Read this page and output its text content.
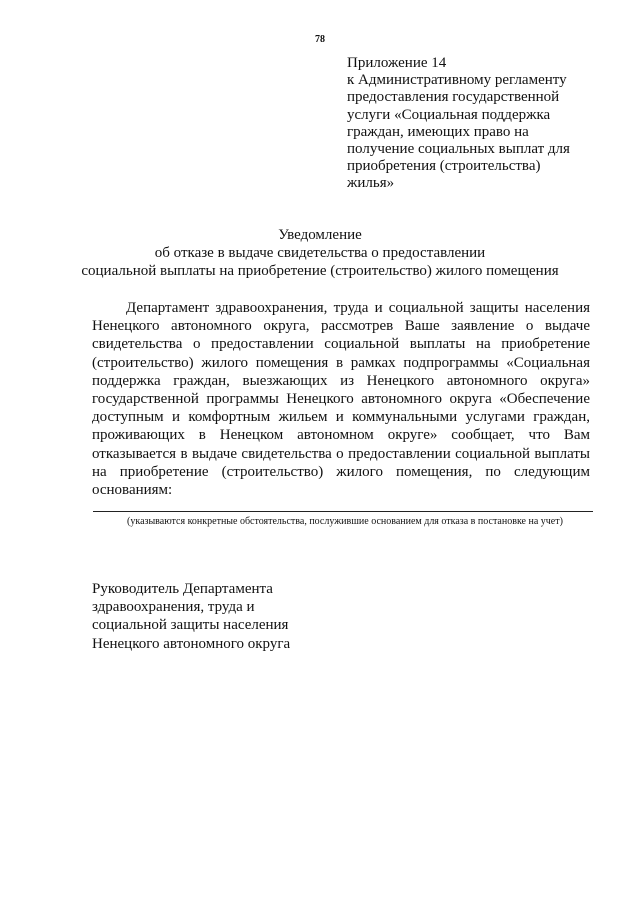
78
Приложение 14
к Административному регламенту
предоставления государственной
услуги «Социальная поддержка
граждан, имеющих право на
получение социальных выплат для
приобретения (строительства)
жилья»
Уведомление
об отказе в выдаче свидетельства о предоставлении
социальной выплаты на приобретение (строительство) жилого помещения

Департамент здравоохранения, труда и социальной защиты населения Ненецкого автономного округа, рассмотрев Ваше заявление о выдаче свидетельства о предоставлении социальной выплаты на приобретение (строительство) жилого помещения в рамках подпрограммы «Социальная поддержка граждан, выезжающих из Ненецкого автономного округа» государственной программы Ненецкого автономного округа «Обеспечение доступным и комфортным жильем и коммунальными услугами граждан, проживающих в Ненецком автономном округе» сообщает, что Вам отказывается в выдаче свидетельства о предоставлении социальной выплаты на приобретение (строительство) жилого помещения, по следующим основаниям:

(указываются конкретные обстоятельства, послужившие основанием для отказа в постановке на учет)
Руководитель Департамента
здравоохранения, труда и
социальной защиты населения
Ненецкого автономного округа
